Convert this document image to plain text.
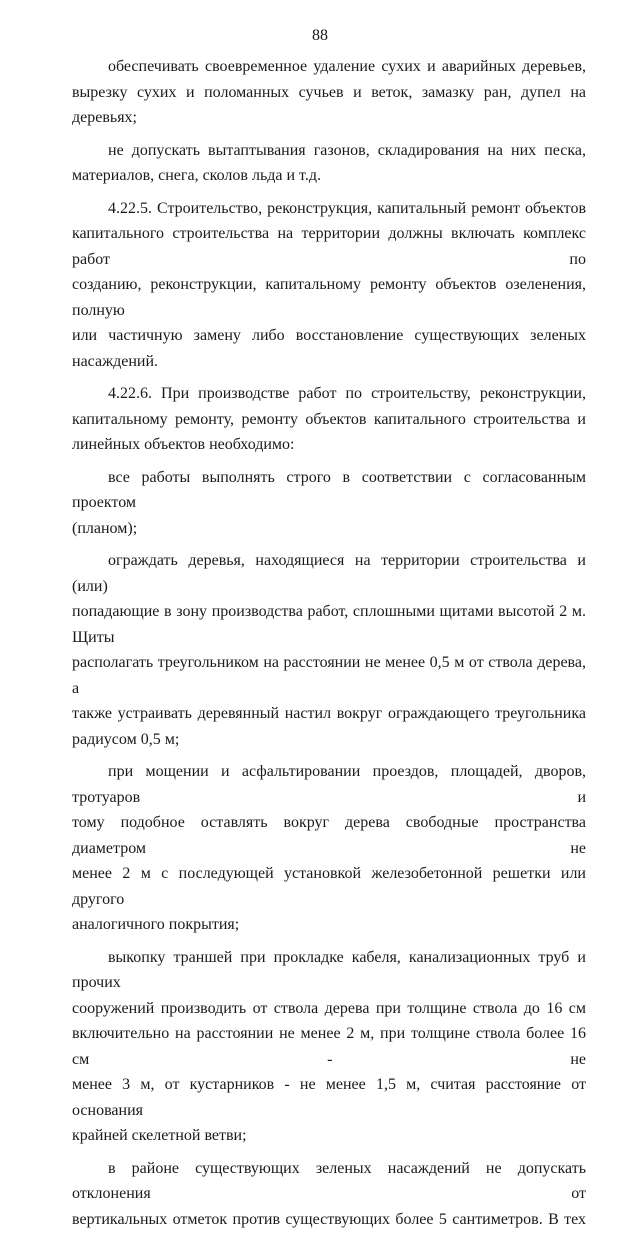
88

обеспечивать своевременное удаление сухих и аварийных деревьев,
вырезку сухих и поломанных сучьев и веток, замазку ран, дупел на деревьях;

не допускать вытаптывания газонов, складирования на них песка,
материалов, снега, сколов льда и т.д.

4.22.5. Строительство, реконструкция, капитальный ремонт объектов
капитального строительства на территории должны включать комплекс работ по
созданию, реконструкции, капитальному ремонту объектов озеленения, полную
или частичную замену либо восстановление существующих зеленых
насаждений.

4.22.6. При производстве работ по строительству, реконструкции,
капитальному ремонту, ремонту объектов капитального строительства и
линейных объектов необходимо:

все работы выполнять строго в соответствии с согласованным проектом
(планом);

ограждать деревья, находящиеся на территории строительства и (или)
попадающие в зону производства работ, сплошными щитами высотой 2 м. Щиты
располагать треугольником на расстоянии не менее 0,5 м от ствола дерева, а
также устраивать деревянный настил вокруг ограждающего треугольника
радиусом 0,5 м;

при мощении и асфальтировании проездов, площадей, дворов, тротуаров и
тому подобное оставлять вокруг дерева свободные пространства диаметром не
менее 2 м с последующей установкой железобетонной решетки или другого
аналогичного покрытия;

выкопку траншей при прокладке кабеля, канализационных труб и прочих
сооружений производить от ствола дерева при толщине ствола до 16 см
включительно на расстоянии не менее 2 м, при толщине ствола более 16 см - не
менее 3 м, от кустарников - не менее 1,5 м, считая расстояние от основания
крайней скелетной ветви;

в районе существующих зеленых насаждений не допускать отклонения от
вертикальных отметок против существующих более 5 сантиметров. В тех
